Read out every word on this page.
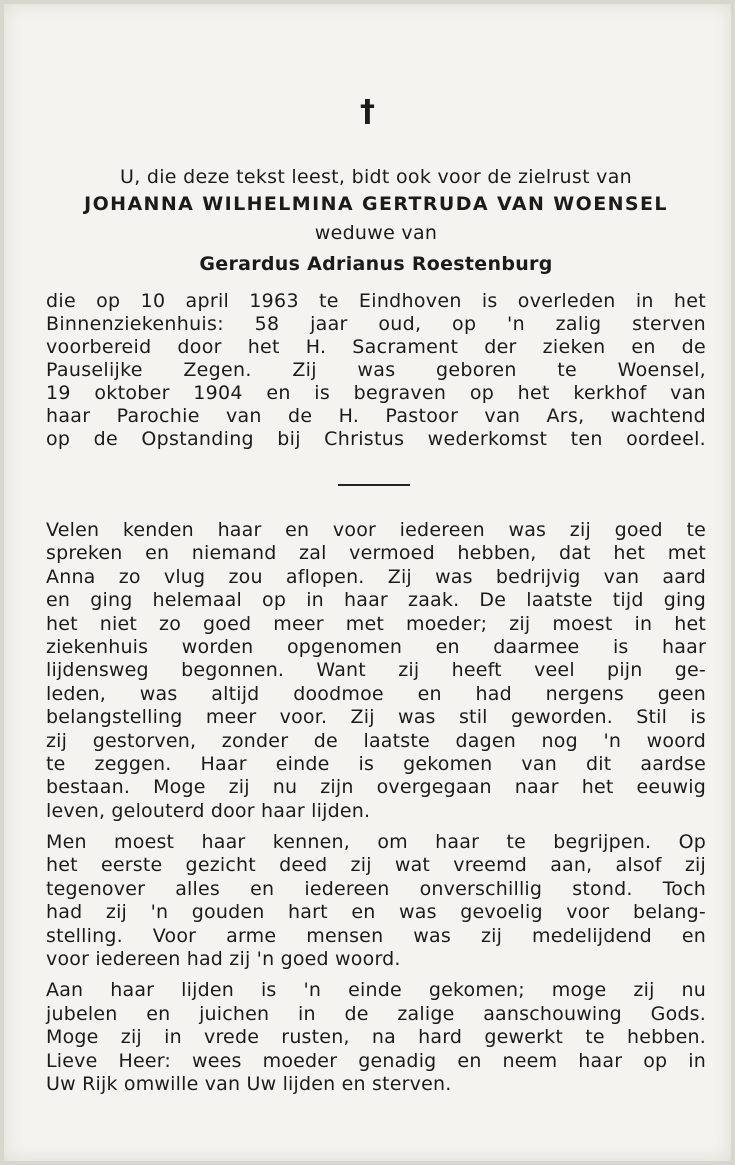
†
U, die deze tekst leest, bidt ook voor de zielrust van
JOHANNA WILHELMINA GERTRUDA VAN WOENSEL
weduwe van
Gerardus Adrianus Roestenburg
die op 10 april 1963 te Eindhoven is overleden in het
Binnenziekenhuis: 58 jaar oud, op 'n zalig sterven
voorbereid door het H. Sacrament der zieken en de
Pauselijke Zegen. Zij was geboren te Woensel,
19 oktober 1904 en is begraven op het kerkhof van
haar Parochie van de H. Pastoor van Ars, wachtend
op de Opstanding bij Christus wederkomst ten oordeel.
Velen kenden haar en voor iedereen was zij goed te
spreken en niemand zal vermoed hebben, dat het met
Anna zo vlug zou aflopen. Zij was bedrijvig van aard
en ging helemaal op in haar zaak. De laatste tijd ging
het niet zo goed meer met moeder; zij moest in het
ziekenhuis worden opgenomen en daarmee is haar
lijdensweg begonnen. Want zij heeft veel pijn ge-
leden, was altijd doodmoe en had nergens geen
belangstelling meer voor. Zij was stil geworden. Stil is
zij gestorven, zonder de laatste dagen nog 'n woord
te zeggen. Haar einde is gekomen van dit aardse
bestaan. Moge zij nu zijn overgegaan naar het eeuwig
leven, gelouterd door haar lijden.
Men moest haar kennen, om haar te begrijpen. Op
het eerste gezicht deed zij wat vreemd aan, alsof zij
tegenover alles en iedereen onverschillig stond. Toch
had zij 'n gouden hart en was gevoelig voor belang-
stelling. Voor arme mensen was zij medelijdend en
voor iedereen had zij 'n goed woord.
Aan haar lijden is 'n einde gekomen; moge zij nu
jubelen en juichen in de zalige aanschouwing Gods.
Moge zij in vrede rusten, na hard gewerkt te hebben.
Lieve Heer: wees moeder genadig en neem haar op in
Uw Rijk omwille van Uw lijden en sterven.
